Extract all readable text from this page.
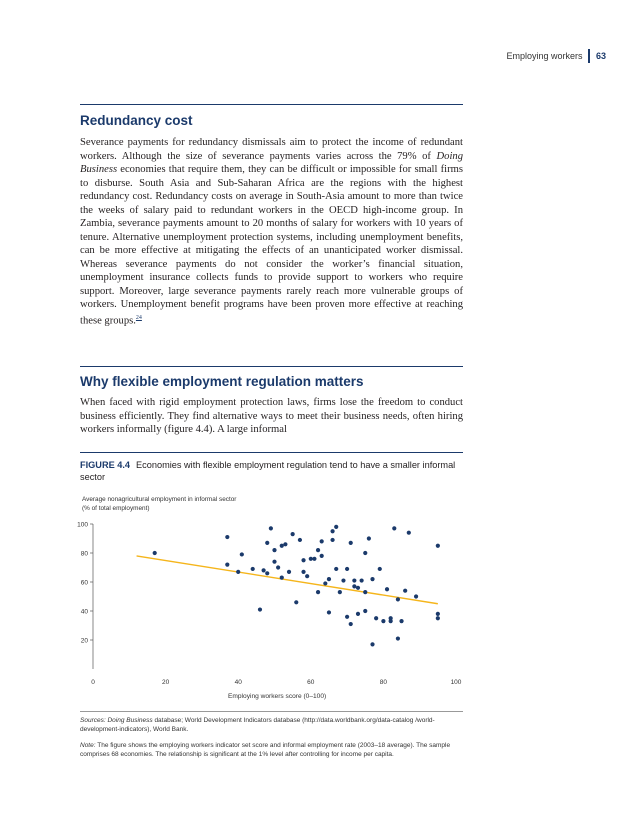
Employing workers 63
Redundancy cost

Severance payments for redundancy dismissals aim to protect the income of redundant workers. Although the size of severance payments varies across the 79% of Doing Business economies that require them, they can be difficult or impossible for small firms to disburse. South Asia and Sub-Saharan Africa are the regions with the highest redundancy cost. Redundancy costs on average in South-Asia amount to more than twice the weeks of salary paid to redundant workers in the OECD high-income group. In Zambia, severance payments amount to 20 months of salary for workers with 10 years of tenure. Alternative unemployment protection systems, including unemployment benefits, can be more effective at mitigating the effects of an unanticipated worker dismissal. Whereas severance payments do not consider the worker’s financial situation, unemployment insurance collects funds to provide support to workers who require support. Moreover, large severance payments rarely reach more vulnerable groups of workers. Unemployment benefit programs have been proven more effective at reaching these groups.$^{24}$

Why flexible employment regulation matters

When faced with rigid employment protection laws, firms lose the freedom to conduct business efficiently. They find alternative ways to meet their business needs, often hiring workers informally (figure 4.4). A large informal

FIGURE 4.4 Economies with flexible employment regulation tend to have a smaller informal sector

Average nonagricultural employment in informal sector
(% of total employment)

20
40
60
80
100
0	20	40	60	80	100

Employing workers score (0–100)

Sources: Doing Business database; World Development Indicators database (http://data.worldbank.org/data-catalog /world-development-indicators), World Bank.

Note: The figure shows the employing workers indicator set score and informal employment rate (2003–18 average). The sample comprises 68 economies. The relationship is significant at the 1% level after controlling for income per capita.
